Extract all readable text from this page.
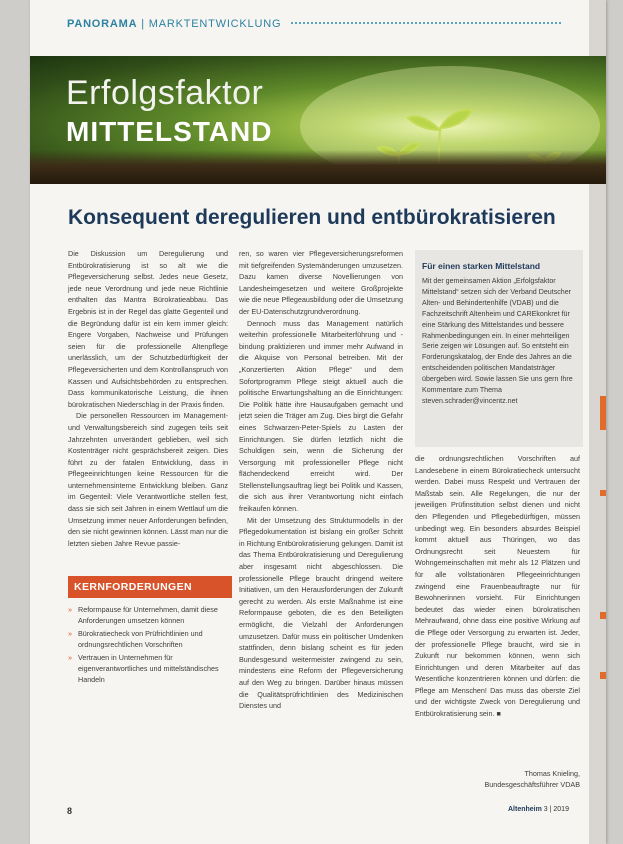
PANORAMA | MARKTENTWICKLUNG
Erfolgsfaktor
MITTELSTAND
Konsequent deregulieren und entbürokratisieren

Die Diskussion um Deregulierung und Entbürokratisierung ist so alt wie die Pflegeversicherung selbst. Jedes neue Gesetz, jede neue Verordnung und jede neue Richtlinie enthalten das Mantra Bürokratieabbau. Das Ergebnis ist in der Regel das glatte Gegenteil und die Begründung dafür ist ein kern immer gleich: Engere Vorgaben, Nachweise und Prüfungen seien für die professionelle Altenpflege unerlässlich, um der Schutzbedürftigkeit der Pflegeversicherten und dem Kontrollanspruch von Kassen und Aufsichtsbehörden zu entsprechen. Dass kommunikatorische Leistung, die ihnen bürokratischen Niederschlag in der Praxis finden.

Die personellen Ressourcen im Management- und Verwaltungsbereich sind zugegen teils seit Jahrzehnten unverändert geblieben, weil sich Kostenträger nicht gesprächsbereit zeigen. Dies führt zu der fatalen Entwicklung, dass in Pflegeeinrichtungen keine Ressourcen für die unternehmensinterne Entwicklung bleiben. Ganz im Gegenteil: Viele Verantwortliche stellen fest, dass sie sich seit Jahren in einem Wettlauf um die Umsetzung immer neuer Anforderungen befinden, den sie nicht gewinnen können. Lässt man nur die letzten sieben Jahre Revue passie-

ren, so waren vier Pflegeversicherungsreformen mit tiefgreifenden Systemänderungen umzusetzen. Dazu kamen diverse Novellierungen von Landesheimgesetzen und weitere Großprojekte wie die neue Pflegeausbildung oder die Umsetzung der EU-Datenschutzgrundverordnung.

Dennoch muss das Management natürlich weiterhin professionelle Mitarbeiterführung und -bindung praktizieren und immer mehr Aufwand in die Akquise von Personal betreiben. Mit der „Konzertierten Aktion Pflege“ und dem Sofortprogramm Pflege steigt aktuell auch die politische Erwartungshaltung an die Einrichtungen: Die Politik hätte ihre Hausaufgaben gemacht und jetzt seien die Träger am Zug. Dies birgt die Gefahr eines Schwarzen-Peter-Spiels zu Lasten der Einrichtungen. Sie dürfen letztlich nicht die Schuldigen sein, wenn die Sicherung der Versorgung mit professioneller Pflege nicht flächendeckend erreicht wird. Der Stellenstellungsauftrag liegt bei Politik und Kassen, die sich aus ihrer Verantwortung nicht einfach freikaufen können.

Mit der Umsetzung des Strukturmodells in der Pflegedokumentation ist bislang ein großer Schritt in Richtung Entbürokratisierung gelungen. Damit ist das Thema Entbürokratisierung und Deregulierung aber insgesamt nicht abgeschlossen. Die professionelle Pflege braucht dringend weitere Initiativen, um den Herausforderungen der Zukunft gerecht zu werden. Als erste Maßnahme ist eine Reformpause geboten, die es den Beteiligten ermöglicht, die Vielzahl der Anforderungen umzusetzen. Dafür muss ein politischer Umdenken stattfinden, denn bislang scheint es für jeden Bundesgesund weitermeister zwingend zu sein, mindestens eine Reform der Pflegeversicherung auf den Weg zu bringen. Darüber hinaus müssen die Qualitätsprüfrichtlinien des Medizinischen Dienstes und

Für einen starken Mittelstand

Mit der gemeinsamen Aktion „Erfolgsfaktor Mittelstand“ setzen sich der Verband Deutscher Alten- und Behindertenhilfe (VDAB) und die Fachzeitschrift Altenheim und CAREkonkret für eine Stärkung des Mittelstandes und bessere Rahmenbedingungen ein. In einer mehrteiligen Serie zeigen wir Lösungen auf. So entsteht ein Forderungskatalog, der Ende des Jahres an die entscheidenden politischen Mandatsträger übergeben wird. Sowie lassen Sie uns gern Ihre Kommentare zum Thema steven.schrader@vincentz.net

die ordnungsrechtlichen Vorschriften auf Landesebene in einem Bürokratiecheck untersucht werden. Dabei muss Respekt und Vertrauen der Maßstab sein. Alle Regelungen, die nur der jeweiligen Prüfinstitution selbst dienen und nicht den Pflegenden und Pflegebedürftigen, müssen unbedingt weg. Ein besonders absurdes Beispiel kommt aktuell aus Thüringen, wo das Ordnungsrecht seit Neuestem für Wohngemeinschaften mit mehr als 12 Plätzen und für alle vollstationären Pflegeeinrichtungen zwingend eine Frauenbeauftragte nur für Bewohnerinnen vorsieht. Für Einrichtungen bedeutet das wieder einen bürokratischen Mehraufwand, ohne dass eine positive Wirkung auf die Pflege oder Versorgung zu erwarten ist. Jeder, der professionelle Pflege braucht, wird sie in Zukunft nur bekommen können, wenn sich Einrichtungen und deren Mitarbeiter auf das Wesentliche konzentrieren können und dürfen: die Pflege am Menschen! Das muss das oberste Ziel und der wichtigste Zweck von Deregulierung und Entbürokratisierung sein. ■

KERNFORDERUNGEN
» Reformpause für Unternehmen, damit diese Anforderungen umsetzen können
» Bürokratiecheck von Prüfrichtlinien und ordnungsrechtlichen Vorschriften
» Vertrauen in Unternehmen für eigenverantwortliches und mittelständisches Handeln
Thomas Knieling,
Bundesgeschäftsführer VDAB
8	Altenheim 3 | 2019
